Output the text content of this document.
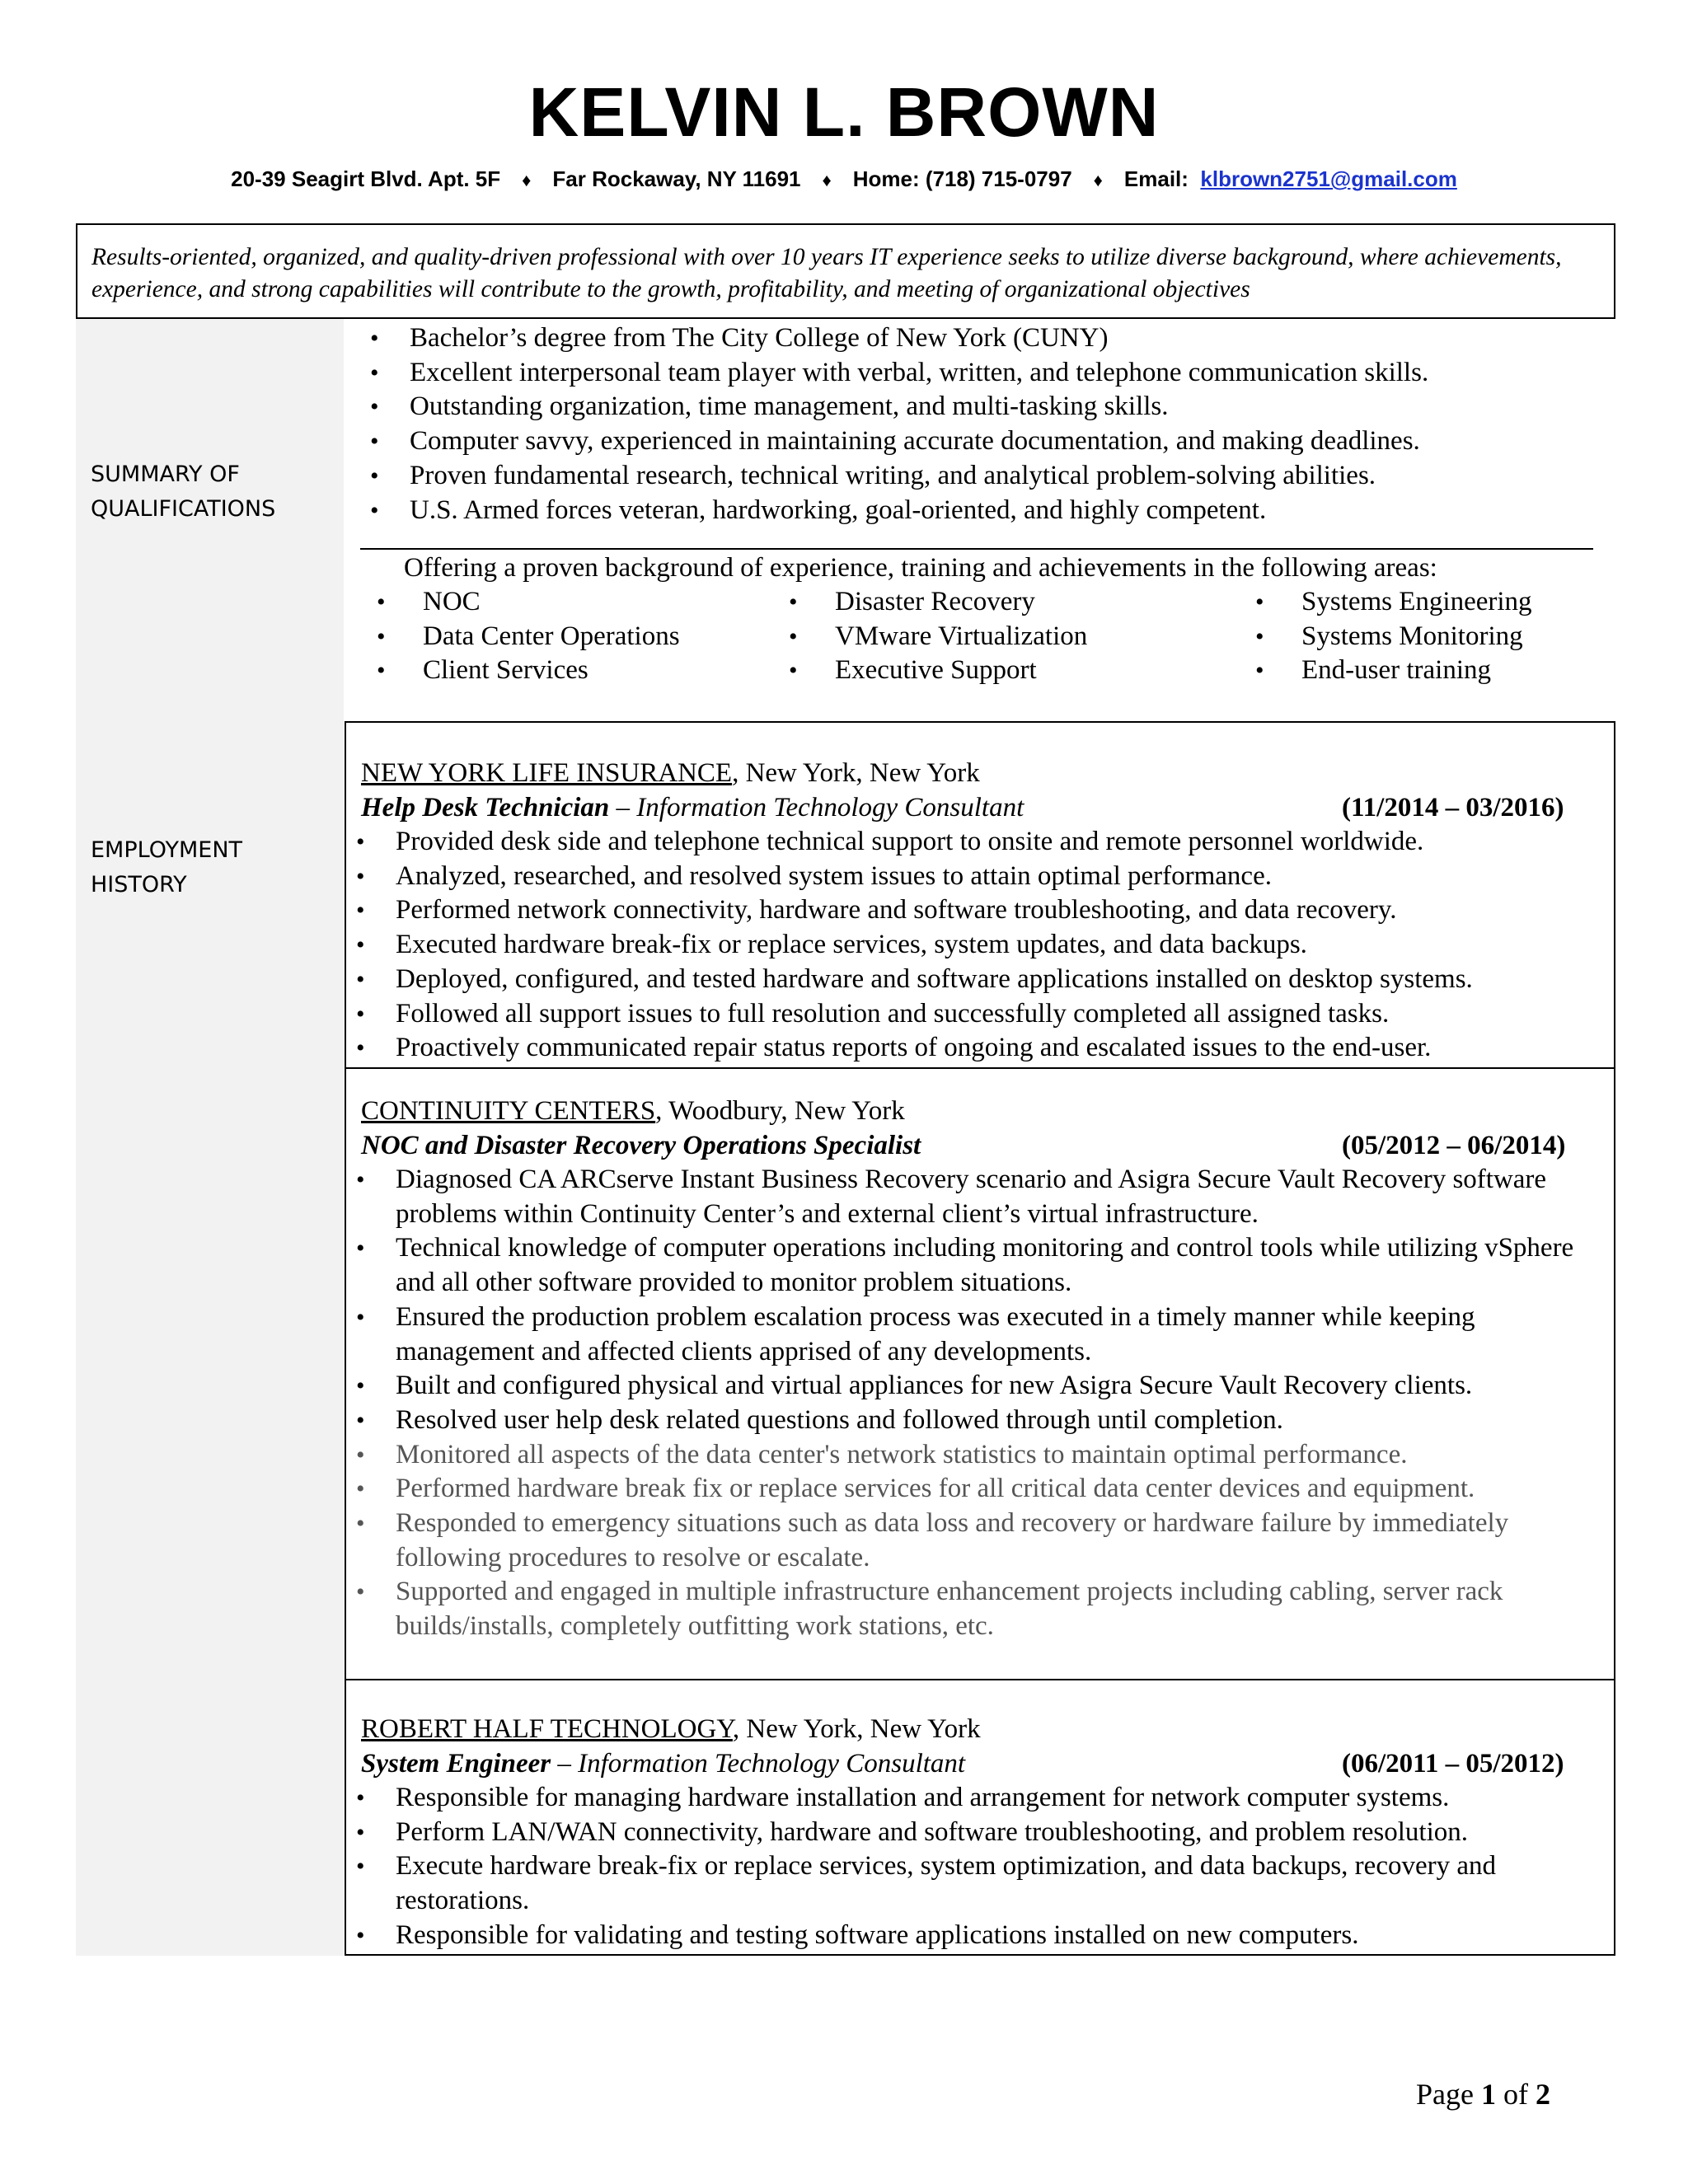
KELVIN L. BROWN
20-39 Seagirt Blvd. Apt. 5F ♦ Far Rockaway, NY 11691 ♦ Home: (718) 715-0797 ♦ Email: klbrown2751@gmail.com
Results-oriented, organized, and quality-driven professional with over 10 years IT experience seeks to utilize diverse background, where achievements, experience, and strong capabilities will contribute to the growth, profitability, and meeting of organizational objectives
SUMMARY OF
QUALIFICATIONS
EMPLOYMENT
HISTORY
• Bachelor’s degree from The City College of New York (CUNY)
• Excellent interpersonal team player with verbal, written, and telephone communication skills.
• Outstanding organization, time management, and multi-tasking skills.
• Computer savvy, experienced in maintaining accurate documentation, and making deadlines.
• Proven fundamental research, technical writing, and analytical problem-solving abilities.
• U.S. Armed forces veteran, hardworking, goal-oriented, and highly competent.
Offering a proven background of experience, training and achievements in the following areas:
• NOC
• Data Center Operations
• Client Services
• Disaster Recovery
• VMware Virtualization
• Executive Support
• Systems Engineering
• Systems Monitoring
• End-user training
NEW YORK LIFE INSURANCE, New York, New York
Help Desk Technician – Information Technology Consultant	(11/2014 – 03/2016)
• Provided desk side and telephone technical support to onsite and remote personnel worldwide.
• Analyzed, researched, and resolved system issues to attain optimal performance.
• Performed network connectivity, hardware and software troubleshooting, and data recovery.
• Executed hardware break-fix or replace services, system updates, and data backups.
• Deployed, configured, and tested hardware and software applications installed on desktop systems.
• Followed all support issues to full resolution and successfully completed all assigned tasks.
• Proactively communicated repair status reports of ongoing and escalated issues to the end-user.
CONTINUITY CENTERS, Woodbury, New York
NOC and Disaster Recovery Operations Specialist	(05/2012 – 06/2014)
• Diagnosed CA ARCserve Instant Business Recovery scenario and Asigra Secure Vault Recovery software problems within Continuity Center’s and external client’s virtual infrastructure.
• Technical knowledge of computer operations including monitoring and control tools while utilizing vSphere and all other software provided to monitor problem situations.
• Ensured the production problem escalation process was executed in a timely manner while keeping management and affected clients apprised of any developments.
• Built and configured physical and virtual appliances for new Asigra Secure Vault Recovery clients.
• Resolved user help desk related questions and followed through until completion.
• Monitored all aspects of the data center's network statistics to maintain optimal performance.
• Performed hardware break fix or replace services for all critical data center devices and equipment.
• Responded to emergency situations such as data loss and recovery or hardware failure by immediately following procedures to resolve or escalate.
• Supported and engaged in multiple infrastructure enhancement projects including cabling, server rack builds/installs, completely outfitting work stations, etc.
ROBERT HALF TECHNOLOGY, New York, New York
System Engineer – Information Technology Consultant	(06/2011 – 05/2012)
• Responsible for managing hardware installation and arrangement for network computer systems.
• Perform LAN/WAN connectivity, hardware and software troubleshooting, and problem resolution.
• Execute hardware break-fix or replace services, system optimization, and data backups, recovery and restorations.
• Responsible for validating and testing software applications installed on new computers.
Page 1 of 2
